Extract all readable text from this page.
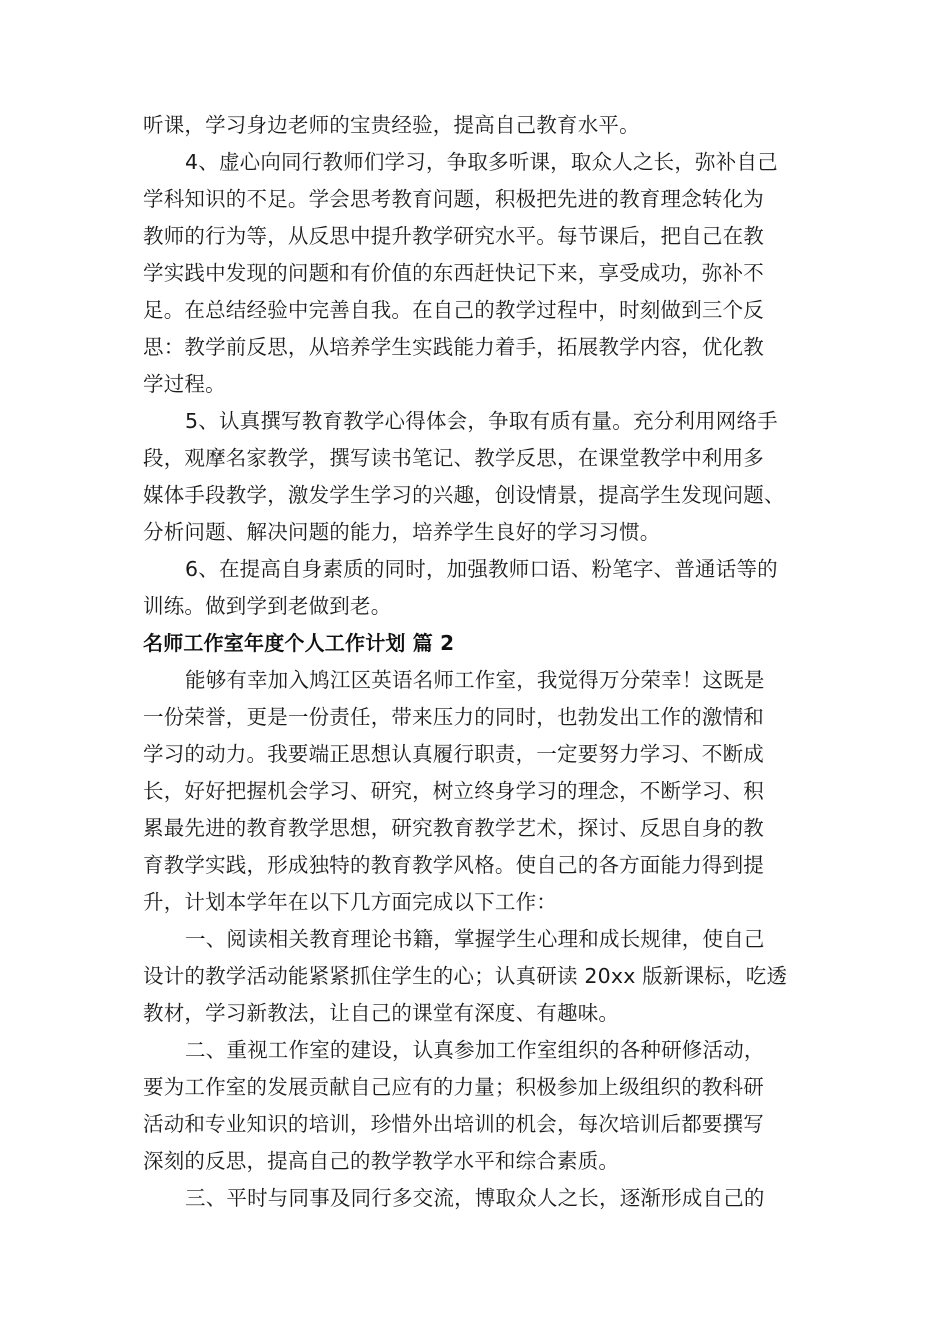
听课，学习身边老师的宝贵经验，提高自己教育水平。
4、虚心向同行教师们学习，争取多听课，取众人之长，弥补自己
学科知识的不足。学会思考教育问题，积极把先进的教育理念转化为
教师的行为等，从反思中提升教学研究水平。每节课后，把自己在教
学实践中发现的问题和有价值的东西赶快记下来，享受成功，弥补不
足。在总结经验中完善自我。在自己的教学过程中，时刻做到三个反
思：教学前反思，从培养学生实践能力着手，拓展教学内容，优化教
学过程。
5、认真撰写教育教学心得体会，争取有质有量。充分利用网络手
段，观摩名家教学，撰写读书笔记、教学反思，在课堂教学中利用多
媒体手段教学，激发学生学习的兴趣，创设情景，提高学生发现问题、
分析问题、解决问题的能力，培养学生良好的学习习惯。
6、在提高自身素质的同时，加强教师口语、粉笔字、普通话等的
训练。做到学到老做到老。
名师工作室年度个人工作计划 篇 2
能够有幸加入鸠江区英语名师工作室，我觉得万分荣幸！这既是
一份荣誉，更是一份责任，带来压力的同时，也勃发出工作的激情和
学习的动力。我要端正思想认真履行职责，一定要努力学习、不断成
长，好好把握机会学习、研究，树立终身学习的理念，不断学习、积
累最先进的教育教学思想，研究教育教学艺术，探讨、反思自身的教
育教学实践，形成独特的教育教学风格。使自己的各方面能力得到提
升，计划本学年在以下几方面完成以下工作：
一、阅读相关教育理论书籍，掌握学生心理和成长规律，使自己
设计的教学活动能紧紧抓住学生的心；认真研读 20xx 版新课标，吃透
教材，学习新教法，让自己的课堂有深度、有趣味。
二、重视工作室的建设，认真参加工作室组织的各种研修活动，
要为工作室的发展贡献自己应有的力量；积极参加上级组织的教科研
活动和专业知识的培训，珍惜外出培训的机会，每次培训后都要撰写
深刻的反思，提高自己的教学教学水平和综合素质。
三、平时与同事及同行多交流，博取众人之长，逐渐形成自己的
